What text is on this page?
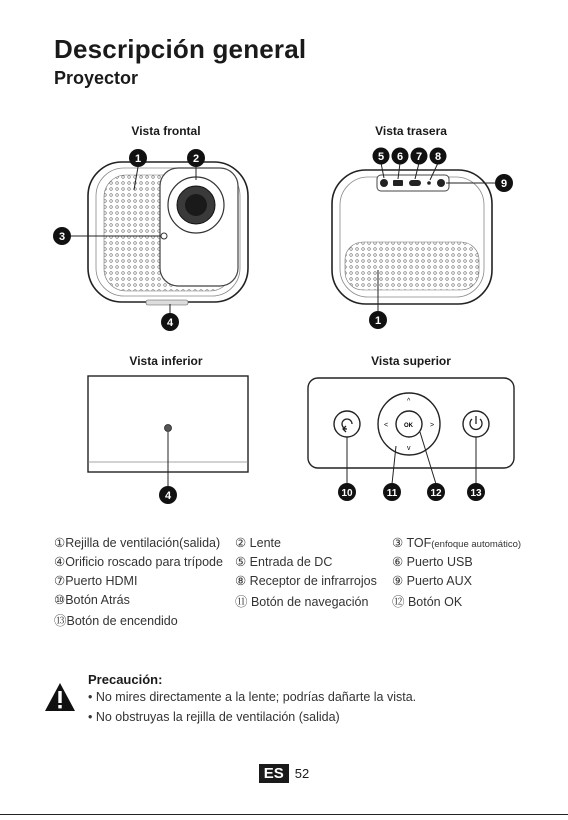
Descripción general
Proyector
Vista frontal	Vista trasera
Vista inferior	Vista superior
OK
^
v
<	>
1	2
3
4
5 6 7 8
9
1
4	10	11	12	13
①Rejilla de ventilación(salida) ② Lente	③ TOF(enfoque automático)
④Orificio roscado para trípode ⑤ Entrada de DC	⑥ Puerto USB
⑦Puerto HDMI	⑧ Receptor de infrarrojos ⑨ Puerto AUX
⑩Botón Atrás	⑪ Botón de navegación ⑫ Botón OK
⑬Botón de encendido
Precaución:
• No mires directamente a la lente; podrías dañarte la vista.
• No obstruyas la rejilla de ventilación (salida)
ES 52
